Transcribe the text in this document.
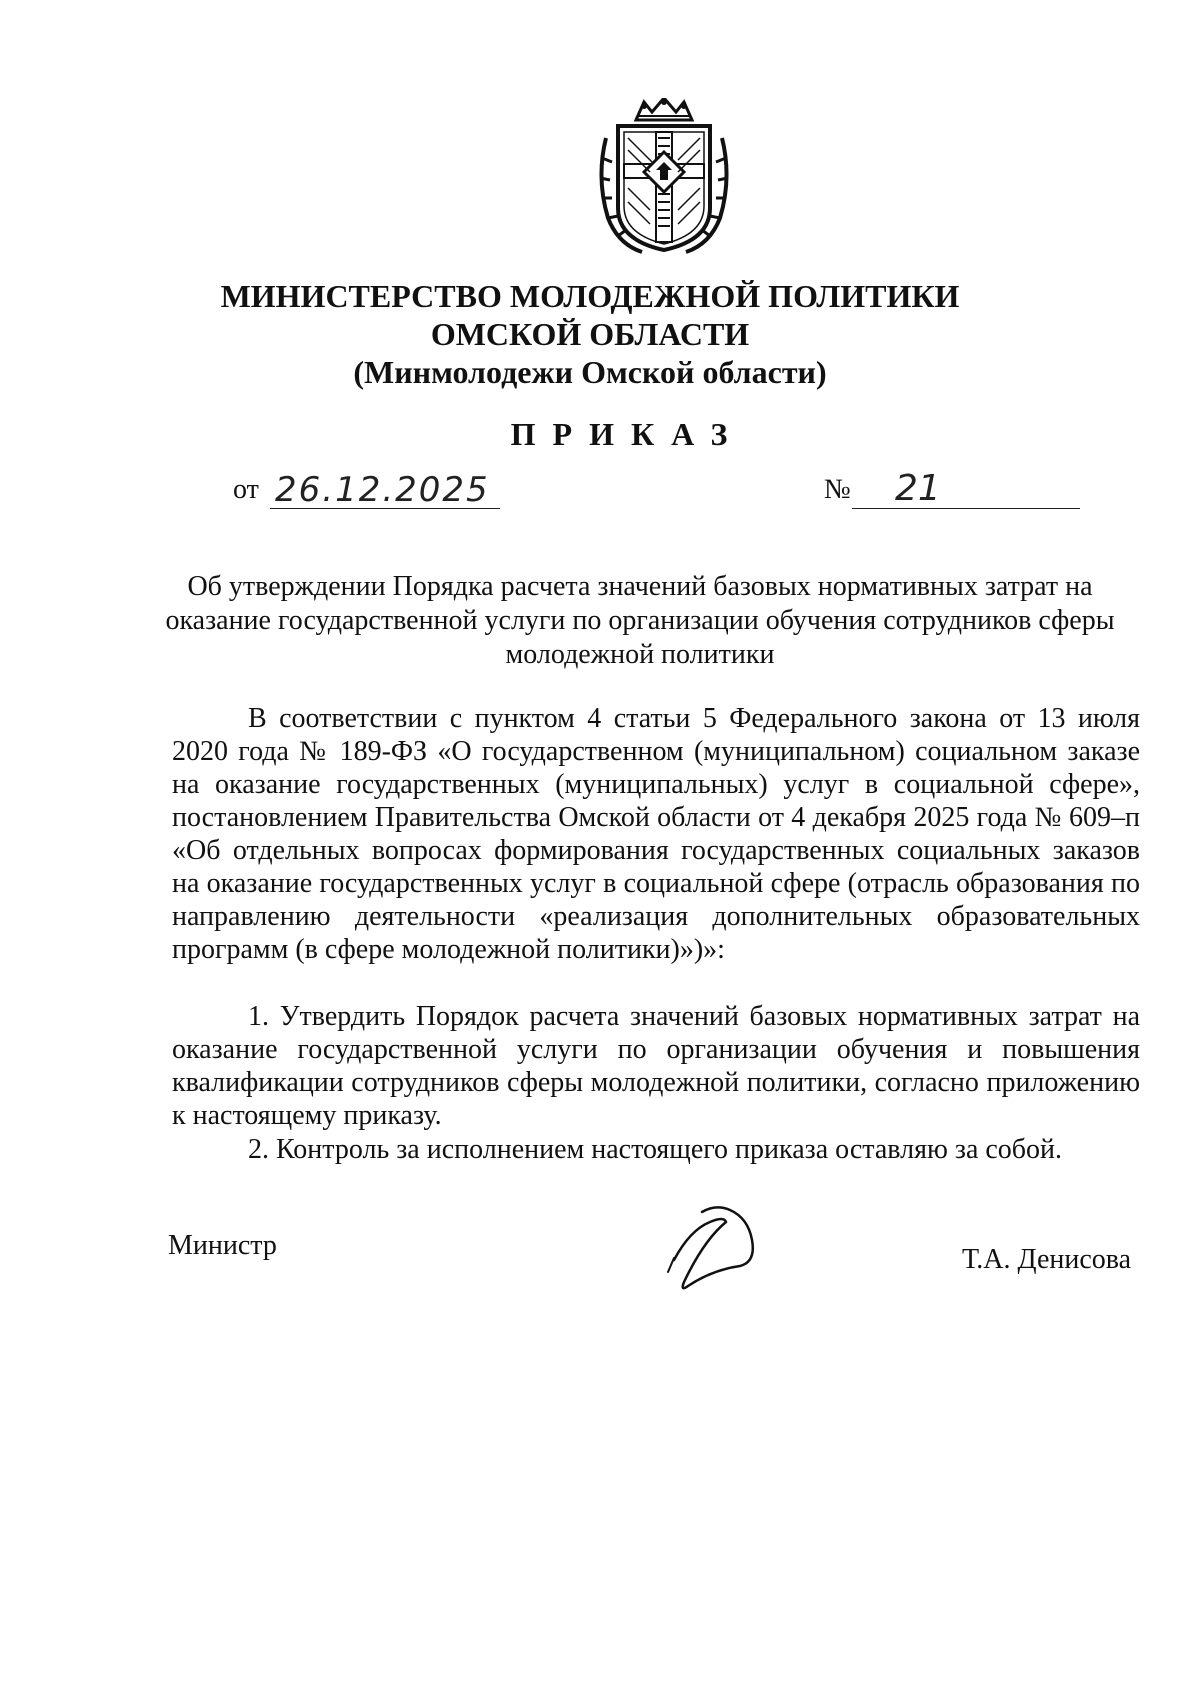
МИНИСТЕРСТВО МОЛОДЕЖНОЙ ПОЛИТИКИ
ОМСКОЙ ОБЛАСТИ
(Минмолодежи Омской области)
ПРИКАЗ
от 26.12.2025	№ 21
Об утверждении Порядка расчета значений базовых нормативных затрат на оказание государственной услуги по организации обучения сотрудников сферы молодежной политики

В соответствии с пунктом 4 статьи 5 Федерального закона от 13 июля 2020 года № 189-ФЗ «О государственном (муниципальном) социальном заказе на оказание государственных (муниципальных) услуг в социальной сфере», постановлением Правительства Омской области от 4 декабря 2025 года № 609–п «Об отдельных вопросах формирования государственных социальных заказов на оказание государственных услуг в социальной сфере (отрасль образования по направлению деятельности «реализация дополнительных образовательных программ (в сфере молодежной политики)»)»:

1. Утвердить Порядок расчета значений базовых нормативных затрат на оказание государственной услуги по организации обучения и повышения квалификации сотрудников сферы молодежной политики, согласно приложению к настоящему приказу.

2. Контроль за исполнением настоящего приказа оставляю за собой.

Министр	Т.А. Денисова
